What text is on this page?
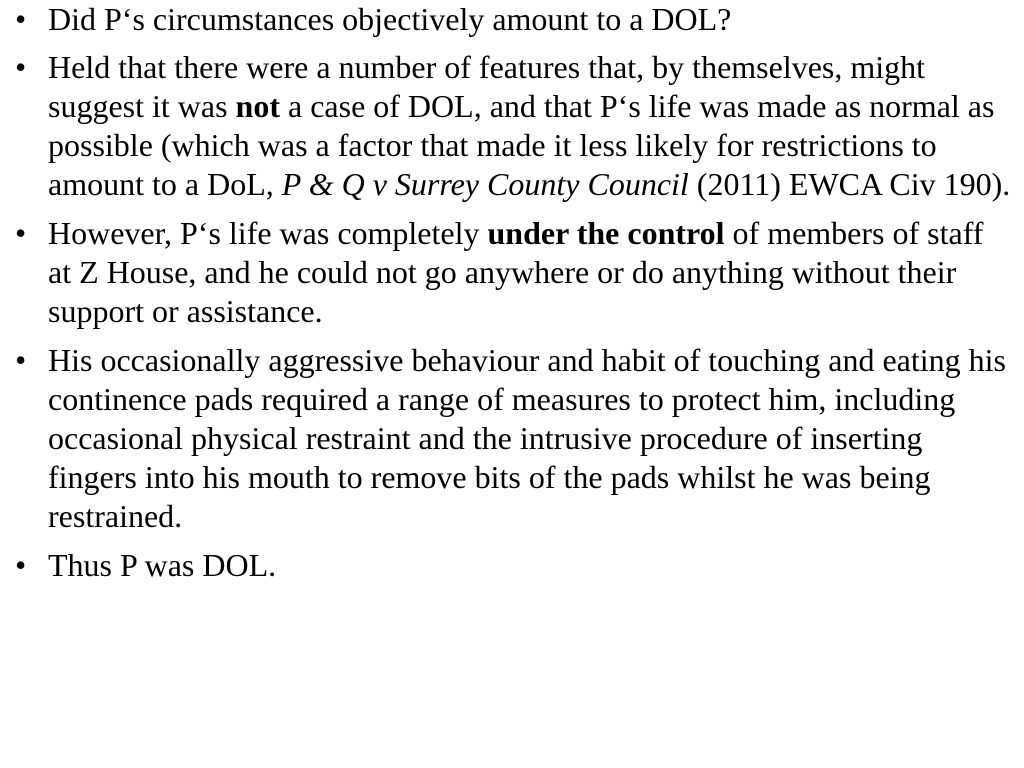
• Did P‘s circumstances objectively amount to a DOL?
• Held that there were a number of features that, by themselves, might suggest it was not a case of DOL, and that P‘s life was made as normal as possible (which was a factor that made it less likely for restrictions to amount to a DoL, P & Q v Surrey County Council (2011) EWCA Civ 190).
• However, P‘s life was completely under the control of members of staff at Z House, and he could not go anywhere or do anything without their support or assistance.
• His occasionally aggressive behaviour and habit of touching and eating his continence pads required a range of measures to protect him, including occasional physical restraint and the intrusive procedure of inserting fingers into his mouth to remove bits of the pads whilst he was being restrained.
• Thus P was DOL.
